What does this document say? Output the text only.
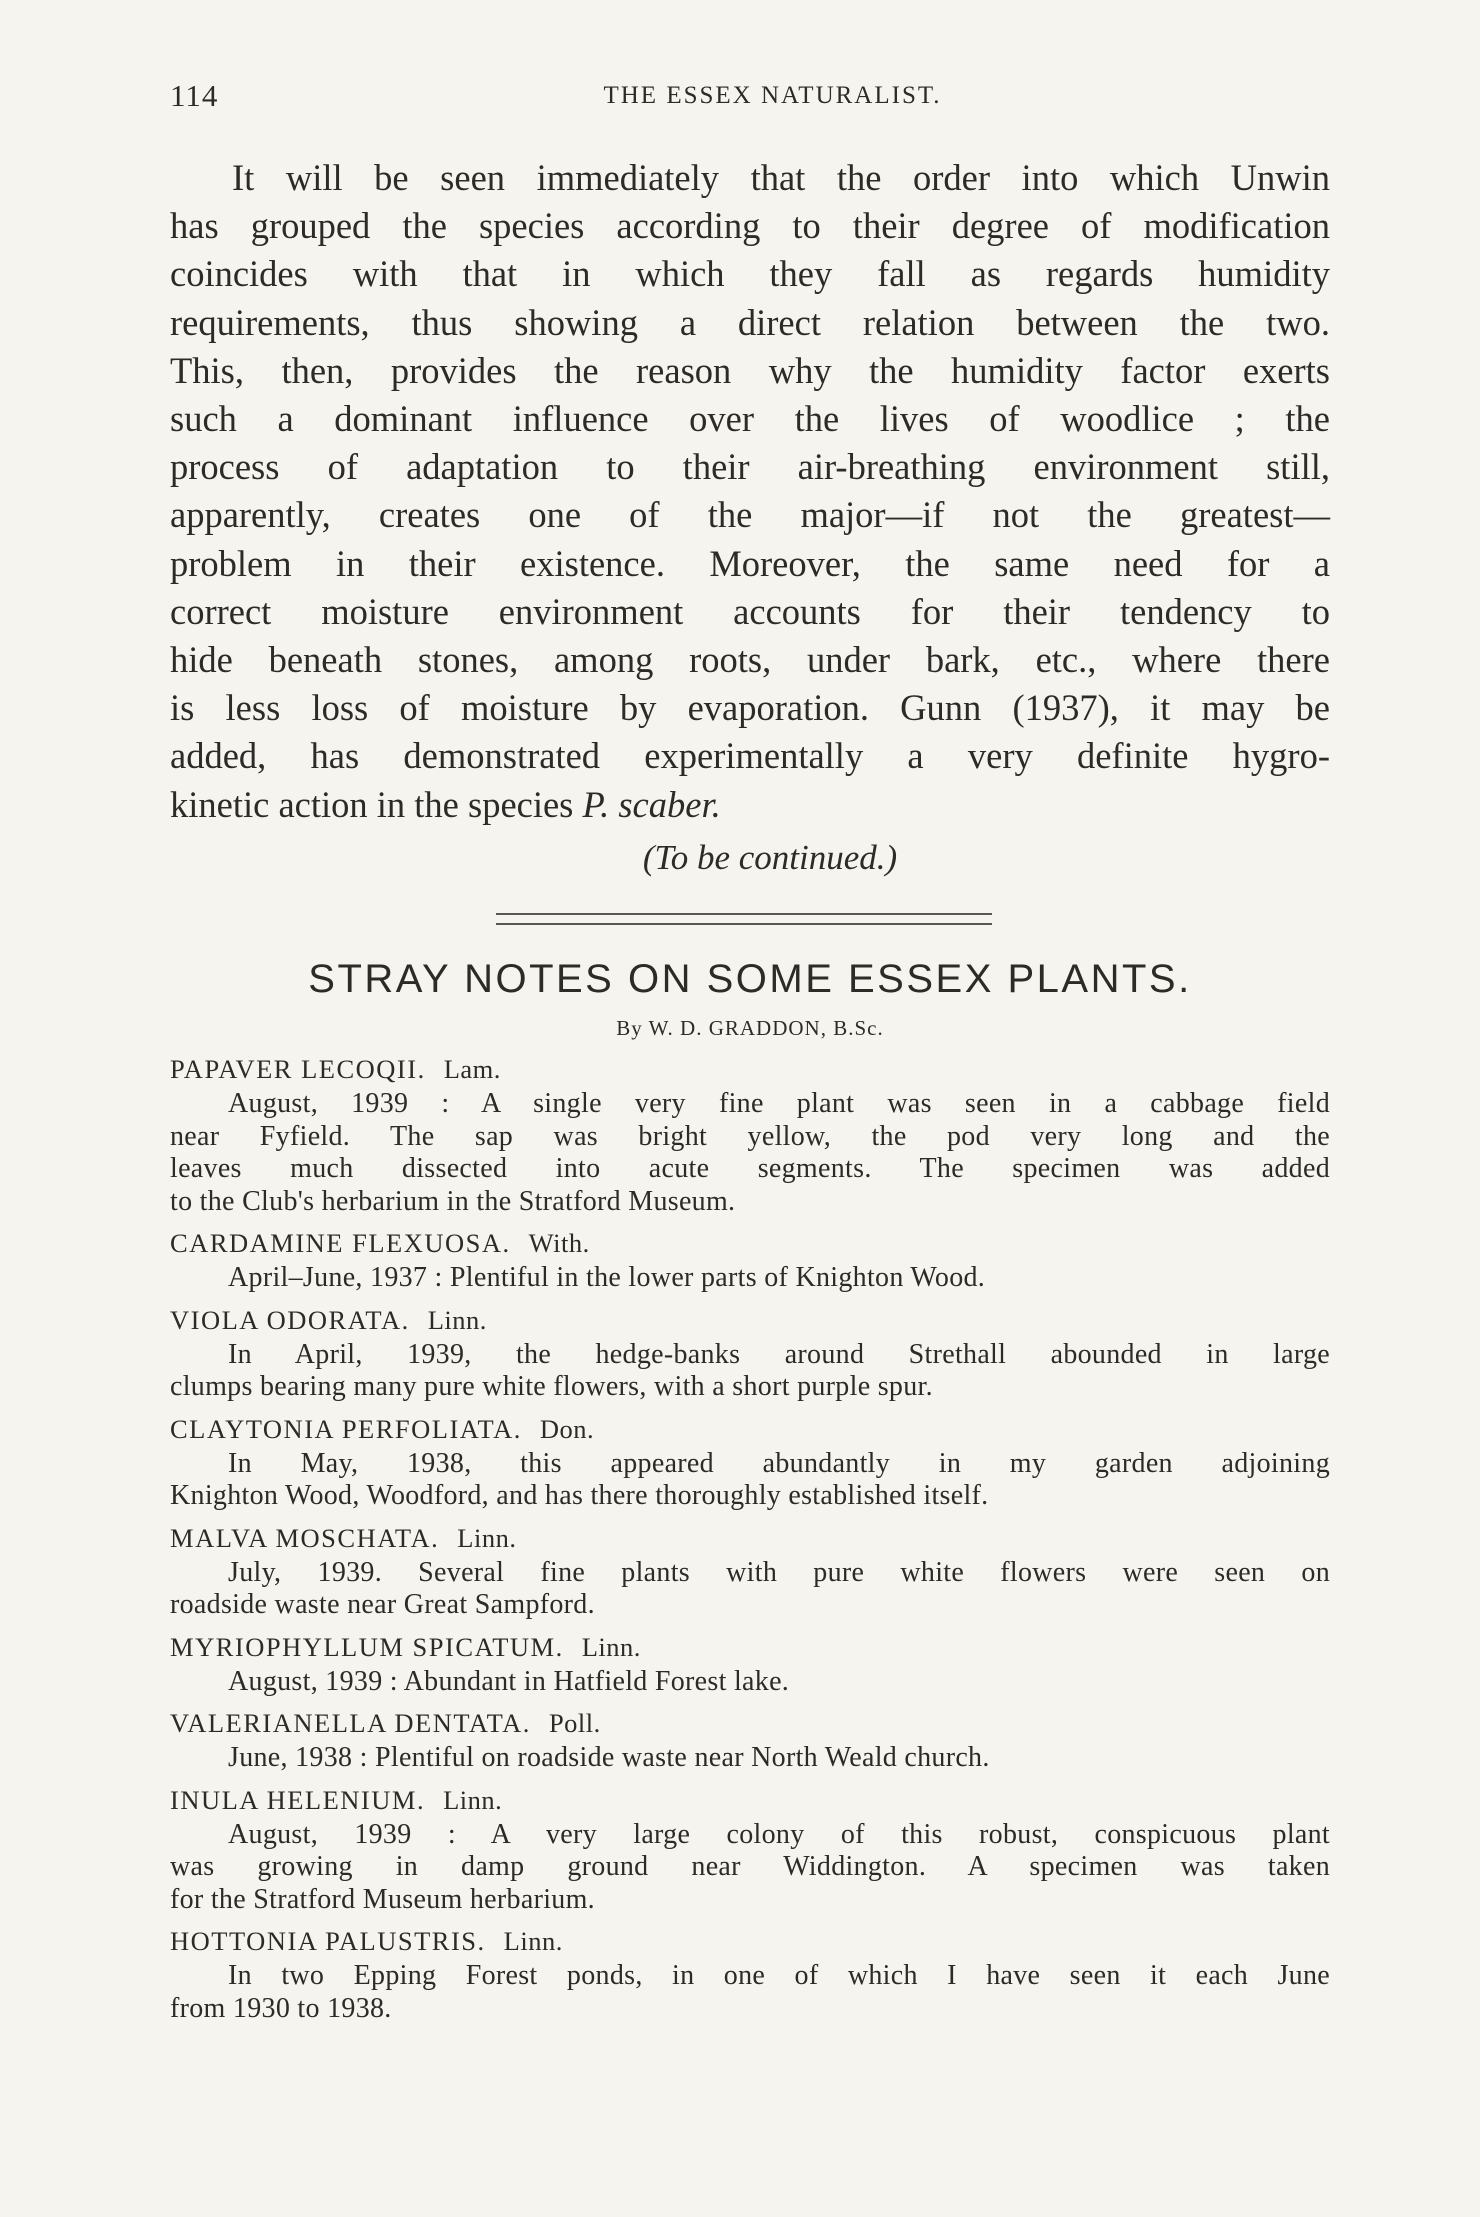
114	THE ESSEX NATURALIST.
It will be seen immediately that the order into which Unwin
has grouped the species according to their degree of modification
coincides with that in which they fall as regards humidity
requirements, thus showing a direct relation between the two.
This, then, provides the reason why the humidity factor exerts
such a dominant influence over the lives of woodlice ; the
process of adaptation to their air-breathing environment still,
apparently, creates one of the major—if not the greatest—
problem in their existence. Moreover, the same need for a
correct moisture environment accounts for their tendency to
hide beneath stones, among roots, under bark, etc., where there
is less loss of moisture by evaporation. Gunn (1937), it may be
added, has demonstrated experimentally a very definite hygro-
kinetic action in the species P. scaber.
(To be continued.)
STRAY NOTES ON SOME ESSEX PLANTS.
By W. D. GRADDON, B.Sc.
PAPAVER LECOQII. Lam.
August, 1939 : A single very fine plant was seen in a cabbage field
near Fyfield. The sap was bright yellow, the pod very long and the
leaves much dissected into acute segments. The specimen was added
to the Club's herbarium in the Stratford Museum.
CARDAMINE FLEXUOSA. With.
April–June, 1937 : Plentiful in the lower parts of Knighton Wood.
VIOLA ODORATA. Linn.
In April, 1939, the hedge-banks around Strethall abounded in large
clumps bearing many pure white flowers, with a short purple spur.
CLAYTONIA PERFOLIATA. Don.
In May, 1938, this appeared abundantly in my garden adjoining
Knighton Wood, Woodford, and has there thoroughly established itself.
MALVA MOSCHATA. Linn.
July, 1939. Several fine plants with pure white flowers were seen on
roadside waste near Great Sampford.
MYRIOPHYLLUM SPICATUM. Linn.
August, 1939 : Abundant in Hatfield Forest lake.
VALERIANELLA DENTATA. Poll.
June, 1938 : Plentiful on roadside waste near North Weald church.
INULA HELENIUM. Linn.
August, 1939 : A very large colony of this robust, conspicuous plant
was growing in damp ground near Widdington. A specimen was taken
for the Stratford Museum herbarium.
HOTTONIA PALUSTRIS. Linn.
In two Epping Forest ponds, in one of which I have seen it each June
from 1930 to 1938.
